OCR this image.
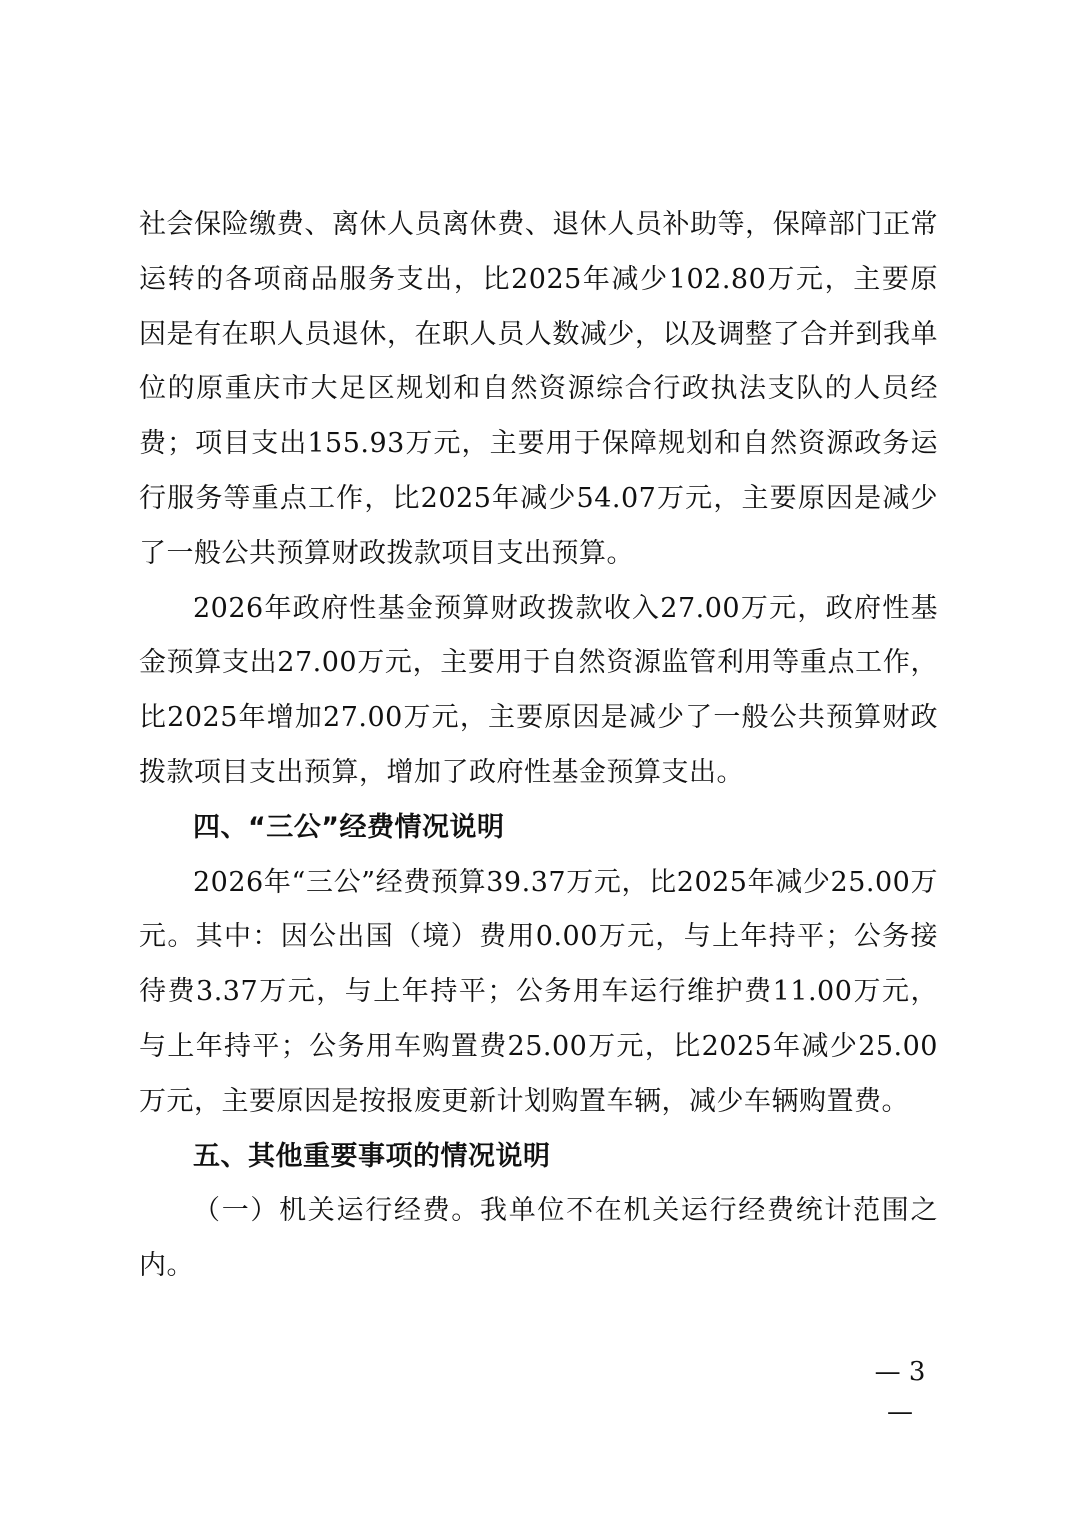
社会保险缴费、离休人员离休费、退休人员补助等，保障部门正常运转的各项商品服务支出，比2025年减少102.80万元，主要原因是有在职人员退休，在职人员人数减少，以及调整了合并到我单位的原重庆市大足区规划和自然资源综合行政执法支队的人员经费；项目支出155.93万元，主要用于保障规划和自然资源政务运行服务等重点工作，比2025年减少54.07万元，主要原因是减少了一般公共预算财政拨款项目支出预算。

2026年政府性基金预算财政拨款收入27.00万元，政府性基金预算支出27.00万元，主要用于自然资源监管利用等重点工作，比2025年增加27.00万元，主要原因是减少了一般公共预算财政拨款项目支出预算，增加了政府性基金预算支出。

四、“三公”经费情况说明

2026年“三公”经费预算39.37万元，比2025年减少25.00万元。其中：因公出国（境）费用0.00万元，与上年持平；公务接待费3.37万元，与上年持平；公务用车运行维护费11.00万元，与上年持平；公务用车购置费25.00万元，比2025年减少25.00万元，主要原因是按报废更新计划购置车辆，减少车辆购置费。

五、其他重要事项的情况说明

（一）机关运行经费。我单位不在机关运行经费统计范围之内。

— 3 —
